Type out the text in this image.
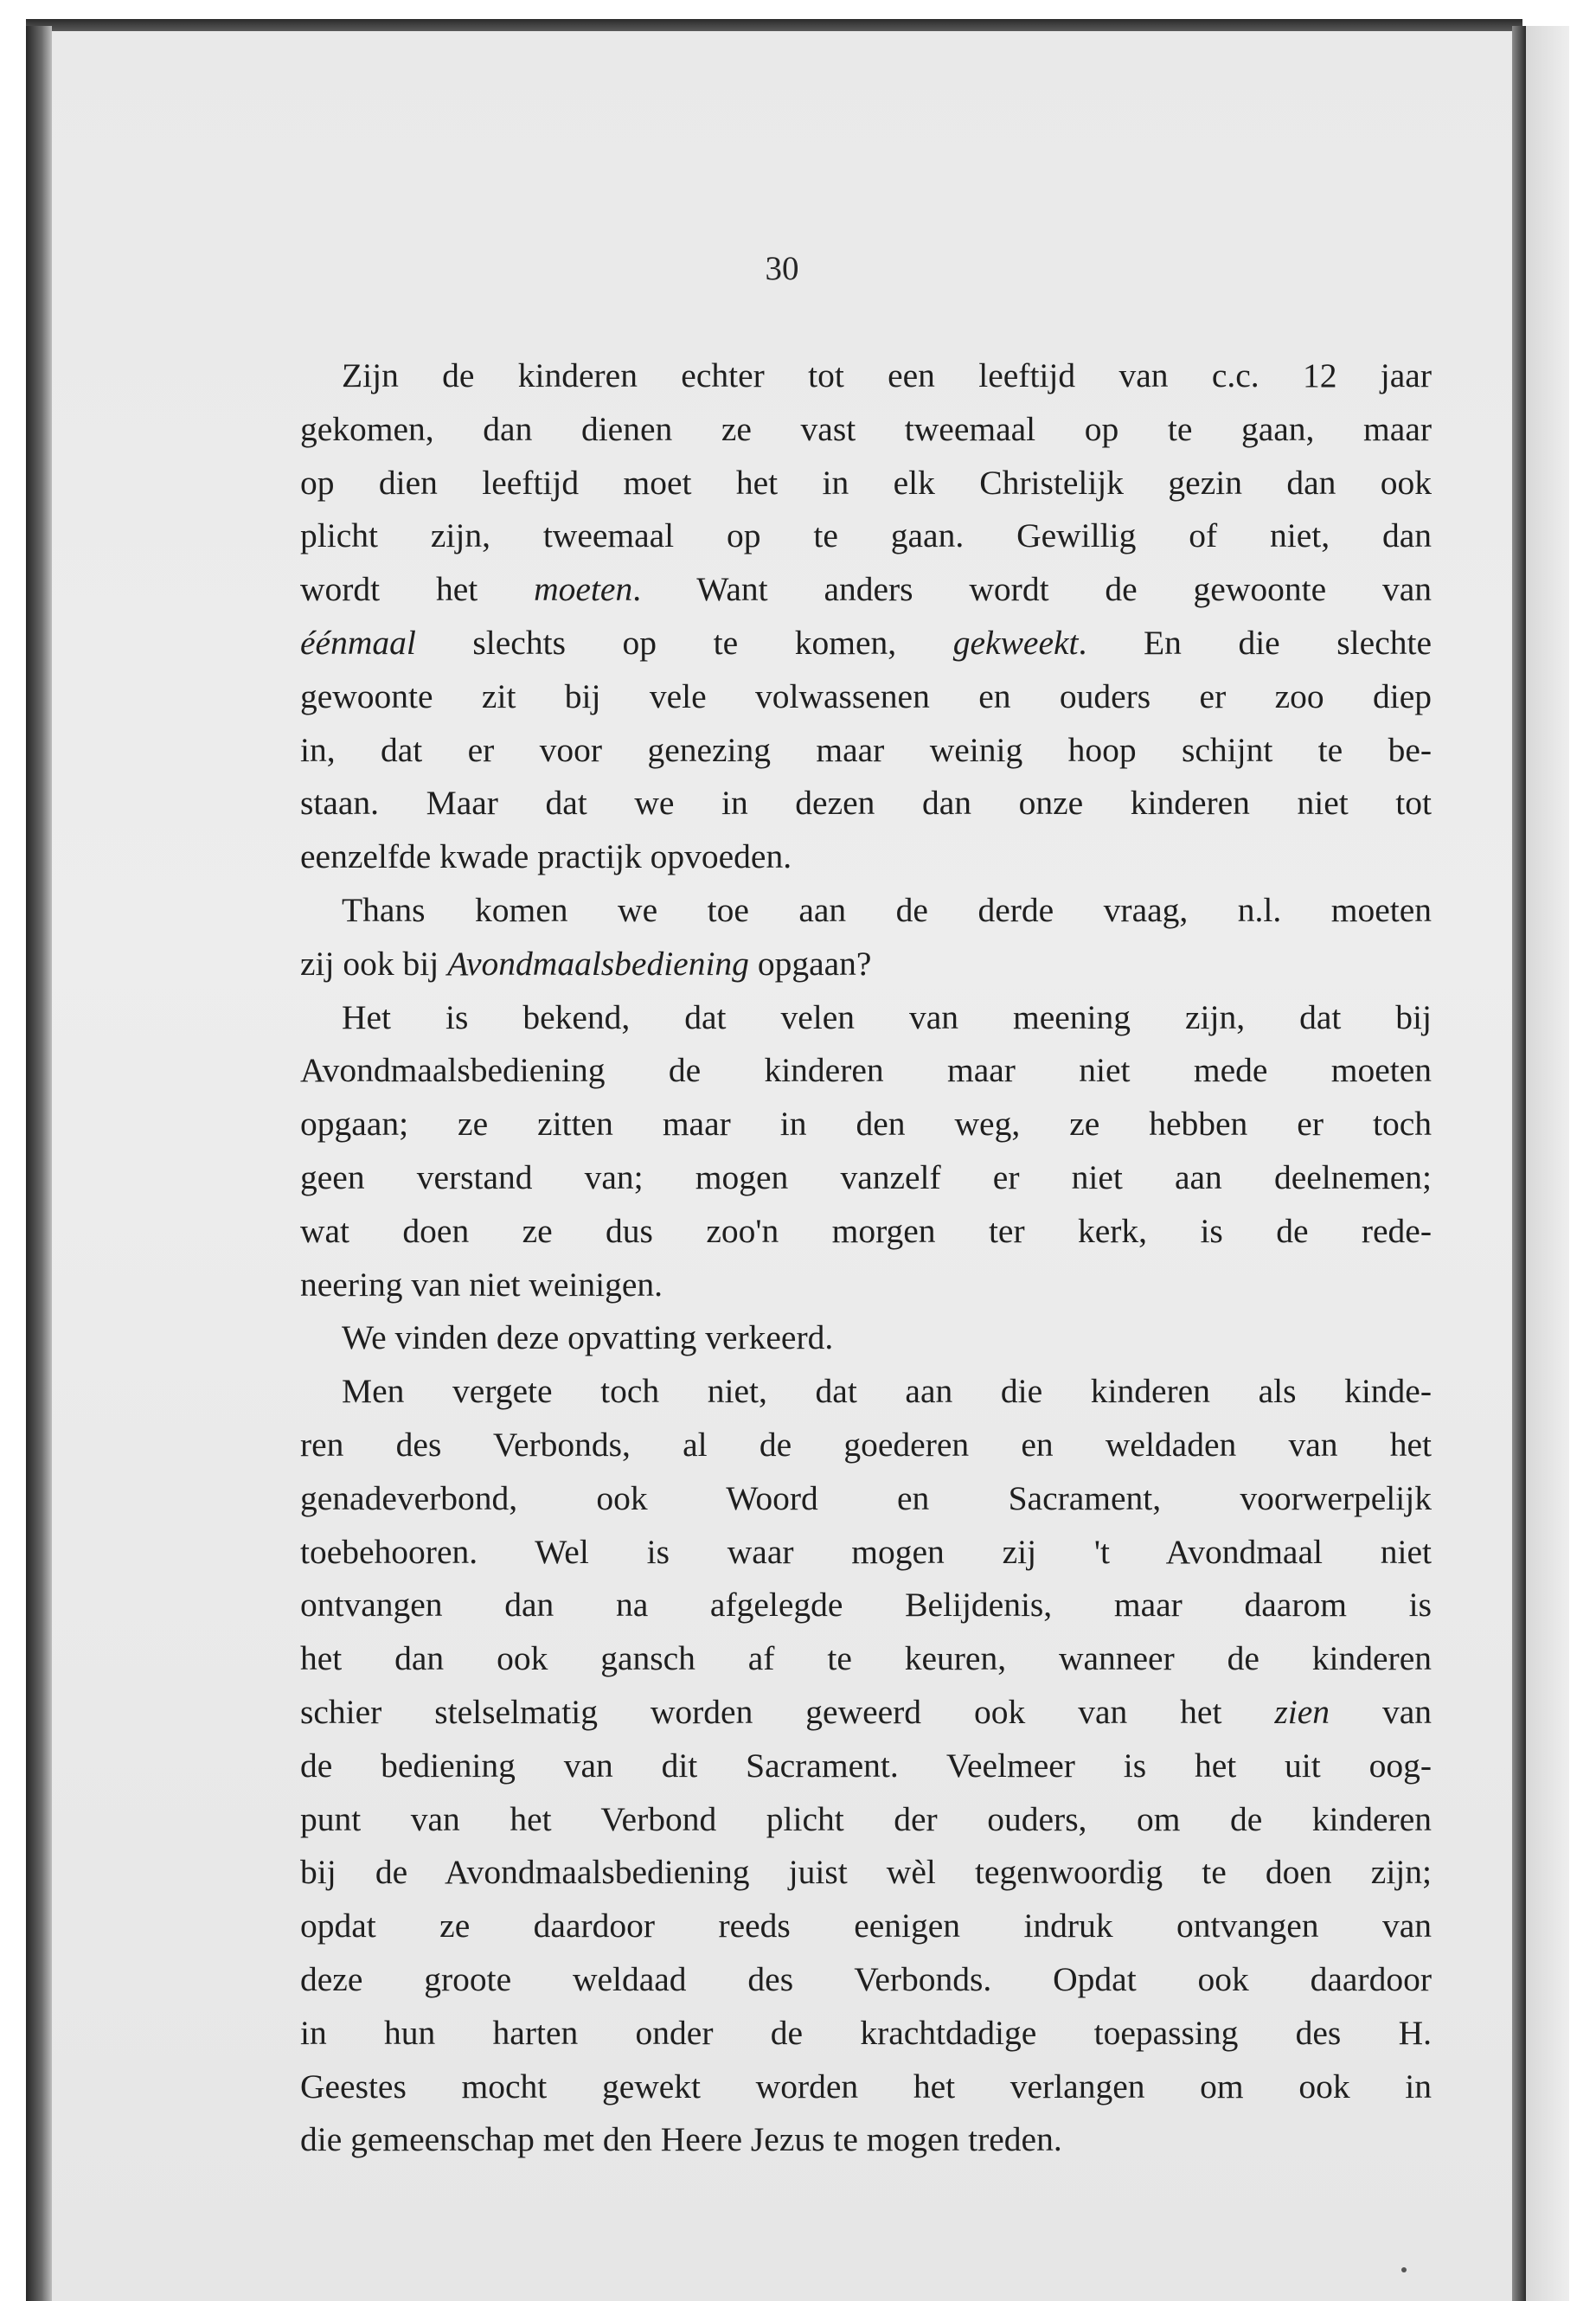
30
Zijn de kinderen echter tot een leeftijd van c.c. 12 jaar
gekomen, dan dienen ze vast tweemaal op te gaan, maar
op dien leeftijd moet het in elk Christelijk gezin dan ook
plicht zijn, tweemaal op te gaan. Gewillig of niet, dan
wordt het moeten. Want anders wordt de gewoonte van
éénmaal slechts op te komen, gekweekt. En die slechte
gewoonte zit bij vele volwassenen en ouders er zoo diep
in, dat er voor genezing maar weinig hoop schijnt te be-
staan. Maar dat we in dezen dan onze kinderen niet tot
eenzelfde kwade practijk opvoeden.
Thans komen we toe aan de derde vraag, n.l. moeten
zij ook bij Avondmaalsbediening opgaan?
Het is bekend, dat velen van meening zijn, dat bij
Avondmaalsbediening de kinderen maar niet mede moeten
opgaan; ze zitten maar in den weg, ze hebben er toch
geen verstand van; mogen vanzelf er niet aan deelnemen;
wat doen ze dus zoo'n morgen ter kerk, is de rede-
neering van niet weinigen.
We vinden deze opvatting verkeerd.
Men vergete toch niet, dat aan die kinderen als kinde-
ren des Verbonds, al de goederen en weldaden van het
genadeverbond, ook Woord en Sacrament, voorwerpelijk
toebehooren. Wel is waar mogen zij 't Avondmaal niet
ontvangen dan na afgelegde Belijdenis, maar daarom is
het dan ook gansch af te keuren, wanneer de kinderen
schier stelselmatig worden geweerd ook van het zien van
de bediening van dit Sacrament. Veelmeer is het uit oog-
punt van het Verbond plicht der ouders, om de kinderen
bij de Avondmaalsbediening juist wèl tegenwoordig te doen zijn;
opdat ze daardoor reeds eenigen indruk ontvangen van
deze groote weldaad des Verbonds. Opdat ook daardoor
in hun harten onder de krachtdadige toepassing des H.
Geestes mocht gewekt worden het verlangen om ook in
die gemeenschap met den Heere Jezus te mogen treden.
